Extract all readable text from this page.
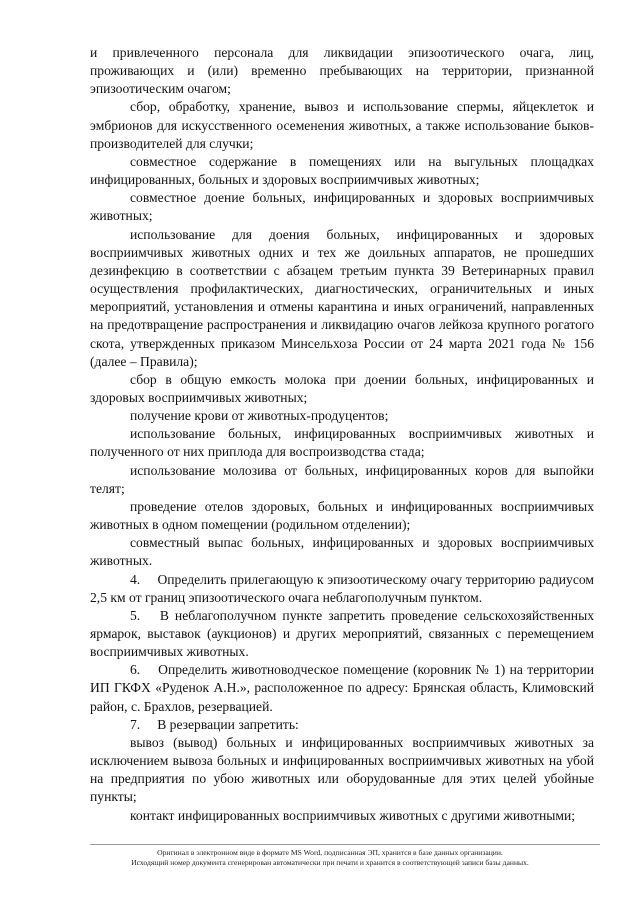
и привлеченного персонала для ликвидации эпизоотического очага, лиц, проживающих и (или) временно пребывающих на территории, признанной эпизоотическим очагом;

сбор, обработку, хранение, вывоз и использование спермы, яйцеклеток и эмбрионов для искусственного осеменения животных, а также использование быков-производителей для случки;

совместное содержание в помещениях или на выгульных площадках инфицированных, больных и здоровых восприимчивых животных;

совместное доение больных, инфицированных и здоровых восприимчивых животных;

использование для доения больных, инфицированных и здоровых восприимчивых животных одних и тех же доильных аппаратов, не прошедших дезинфекцию в соответствии с абзацем третьим пункта 39 Ветеринарных правил осуществления профилактических, диагностических, ограничительных и иных мероприятий, установления и отмены карантина и иных ограничений, направленных на предотвращение распространения и ликвидацию очагов лейкоза крупного рогатого скота, утвержденных приказом Минсельхоза России от 24 марта 2021 года № 156 (далее – Правила);

сбор в общую емкость молока при доении больных, инфицированных и здоровых восприимчивых животных;

получение крови от животных-продуцентов;

использование больных, инфицированных восприимчивых животных и полученного от них приплода для воспроизводства стада;

использование молозива от больных, инфицированных коров для выпойки телят;

проведение отелов здоровых, больных и инфицированных восприимчивых животных в одном помещении (родильном отделении);

совместный выпас больных, инфицированных и здоровых восприимчивых животных.

4.  Определить прилегающую к эпизоотическому очагу территорию радиусом 2,5 км от границ эпизоотического очага неблагополучным пунктом.

5.  В неблагополучном пункте запретить проведение сельскохозяйственных ярмарок, выставок (аукционов) и других мероприятий, связанных с перемещением восприимчивых животных.

6.  Определить животноводческое помещение (коровник № 1) на территории ИП ГКФХ «Руденок А.Н.», расположенное по адресу: Брянская область, Климовский район, с. Брахлов, резервацией.

7.  В резервации запретить:

вывоз (вывод) больных и инфицированных восприимчивых животных за исключением вывоза больных и инфицированных восприимчивых животных на убой на предприятия по убою животных или оборудованные для этих целей убойные пункты;

контакт инфицированных восприимчивых животных с другими животными;

Оригинал в электронном виде в формате MS Word, подписанная ЭП, хранится в базе данных организации.

Исходящий номер документа сгенерирован автоматически при печати и хранится в соответствующей записи базы данных.
